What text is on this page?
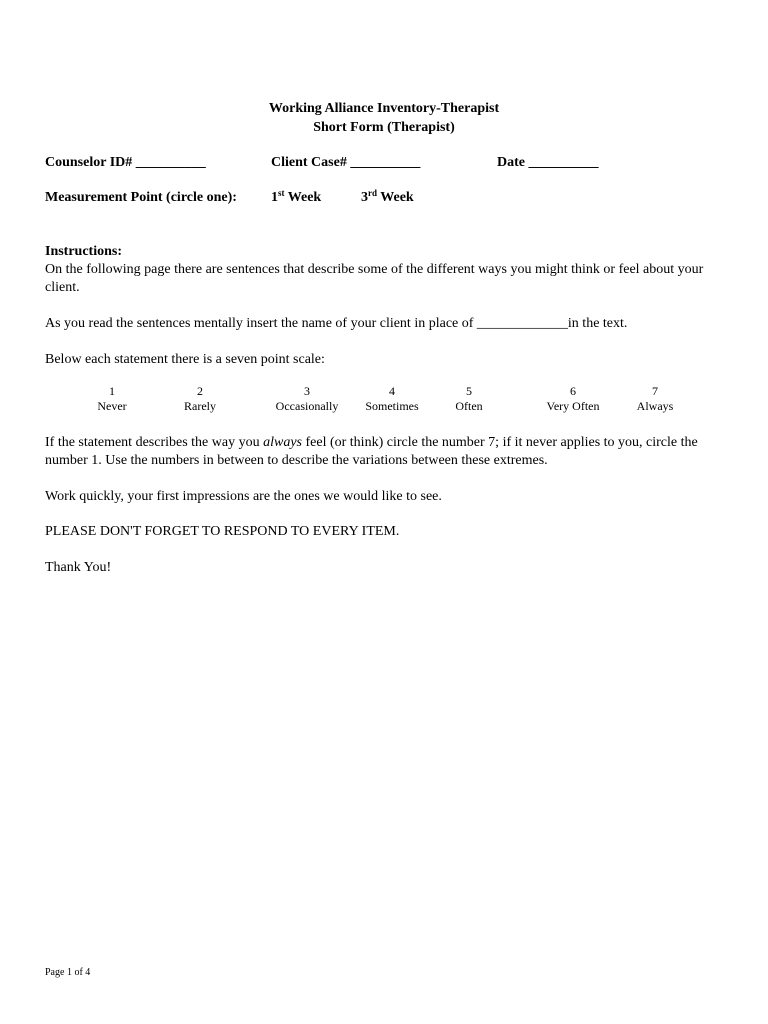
Working Alliance Inventory-Therapist
Short Form (Therapist)
Counselor ID# __________	Client Case# __________	Date __________
Measurement Point (circle one): 1st Week	3rd Week
Instructions:
On the following page there are sentences that describe some of the different ways you might think or feel about your client.
As you read the sentences mentally insert the name of your client in place of _____________in the text.
Below each statement there is a seven point scale:
1
Never
2
Rarely
3
Occasionally
4
Sometimes
5
Often
6
Very Often
7
Always
If the statement describes the way you always feel (or think) circle the number 7; if it never applies to you, circle the number 1. Use the numbers in between to describe the variations between these extremes.
Work quickly, your first impressions are the ones we would like to see.
PLEASE DON'T FORGET TO RESPOND TO EVERY ITEM.
Thank You!
Page 1 of 4
